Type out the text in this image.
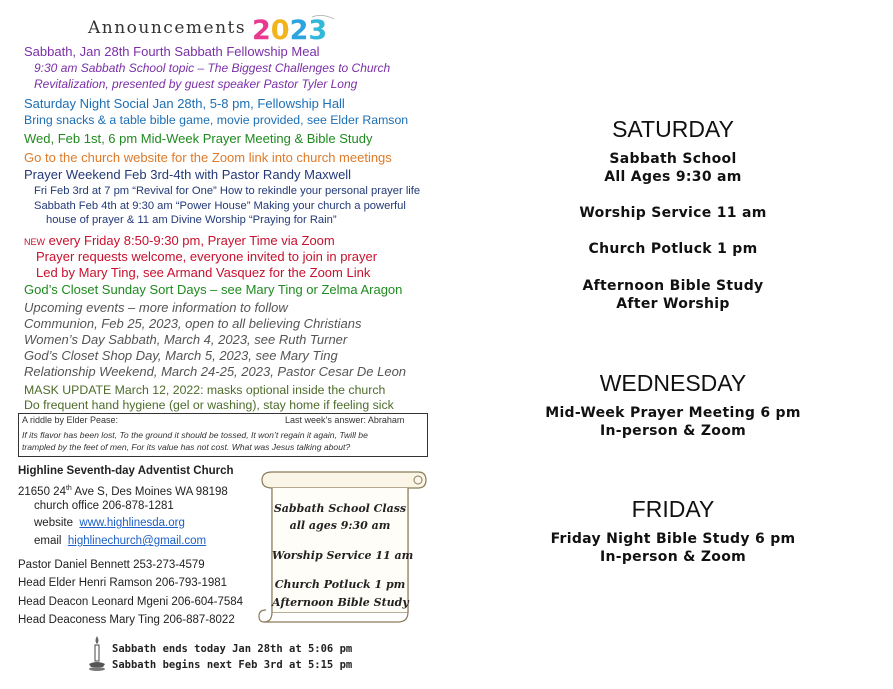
Announcements 2023
Sabbath, Jan 28th Fourth Sabbath Fellowship Meal
9:30 am Sabbath School topic – The Biggest Challenges to Church
Revitalization, presented by guest speaker Pastor Tyler Long
Saturday Night Social Jan 28th, 5-8 pm, Fellowship Hall
Bring snacks & a table bible game, movie provided, see Elder Ramson
Wed, Feb 1st, 6 pm Mid-Week Prayer Meeting & Bible Study
Go to the church website for the Zoom link into church meetings
Prayer Weekend Feb 3rd-4th with Pastor Randy Maxwell
Fri Feb 3rd at 7 pm “Revival for One” How to rekindle your personal prayer life
Sabbath Feb 4th at 9:30 am “Power House” Making your church a powerful
house of prayer & 11 am Divine Worship “Praying for Rain”
NEW every Friday 8:50-9:30 pm, Prayer Time via Zoom
Prayer requests welcome, everyone invited to join in prayer
Led by Mary Ting, see Armand Vasquez for the Zoom Link
God’s Closet Sunday Sort Days – see Mary Ting or Zelma Aragon
Upcoming events – more information to follow
Communion, Feb 25, 2023, open to all believing Christians
Women’s Day Sabbath, March 4, 2023, see Ruth Turner
God’s Closet Shop Day, March 5, 2023, see Mary Ting
Relationship Weekend, March 24-25, 2023, Pastor Cesar De Leon
MASK UPDATE March 12, 2022: masks optional inside the church
Do frequent hand hygiene (gel or washing), stay home if feeling sick
A riddle by Elder Pease:	Last week’s answer: Abraham
If its flavor has been lost, To the ground it should be tossed, It won’t regain it again, Twill be
trampled by the feet of men, For its value has not cost. What was Jesus talking about?
Highline Seventh-day Adventist Church
21650 24th Ave S, Des Moines WA 98198
church office 206-878-1281
website www.highlinesda.org
email highlinechurch@gmail.com
Pastor Daniel Bennett 253-273-4579
Head Elder Henri Ramson 206-793-1981
Head Deacon Leonard Mgeni 206-604-7584
Head Deaconess Mary Ting 206-887-8022
Sabbath School Class
all ages 9:30 am
Worship Service 11 am
Church Potluck 1 pm
Afternoon Bible Study
Sabbath ends today Jan 28th at 5:06 pm
Sabbath begins next Feb 3rd at 5:15 pm
SATURDAY
Sabbath School
All Ages 9:30 am
Worship Service 11 am
Church Potluck 1 pm
Afternoon Bible Study
After Worship
WEDNESDAY
Mid-Week Prayer Meeting 6 pm
In-person & Zoom
FRIDAY
Friday Night Bible Study 6 pm
In-person & Zoom
